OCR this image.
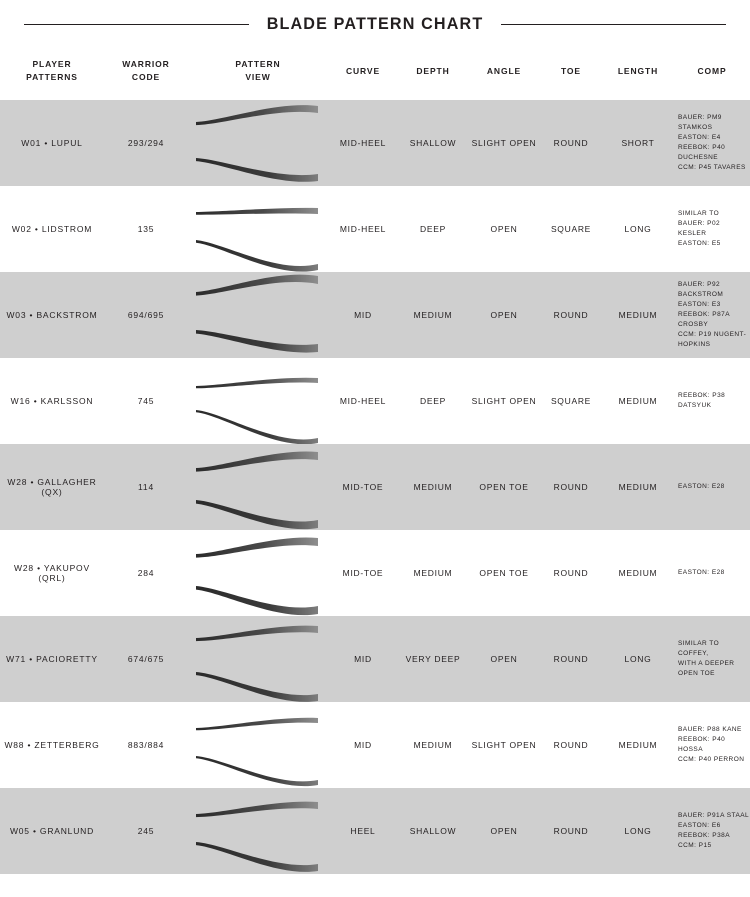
BLADE PATTERN CHART
PLAYER
PATTERNS
WARRIOR
CODE
PATTERN
VIEW
CURVE	DEPTH	ANGLE	TOE	LENGTH	COMP
W01 • LUPUL	293/294	MID-HEEL	SHALLOW	SLIGHT OPEN	ROUND	SHORT
BAUER: PM9 STAMKOS
EASTON: E4
REEBOK: P40 DUCHESNE
CCM: P45 TAVARES
W02 • LIDSTROM	135	MID-HEEL	DEEP	OPEN	SQUARE	LONG
SIMILAR TO
BAUER: P02 KESLER
EASTON: E5
W03 • BACKSTROM	694/695	MID	MEDIUM	OPEN	ROUND	MEDIUM
BAUER: P92 BACKSTROM
EASTON: E3
REEBOK: P87A CROSBY
CCM: P19 NUGENT-HOPKINS
W16 • KARLSSON	745	MID-HEEL	DEEP	SLIGHT OPEN	SQUARE	MEDIUM
REEBOK: P38 DATSYUK
W28 • GALLAGHER (QX)	114	MID-TOE	MEDIUM	OPEN TOE	ROUND	MEDIUM	EASTON: E28
W28 • YAKUPOV (QRL)	284	MID-TOE	MEDIUM	OPEN TOE	ROUND	MEDIUM	EASTON: E28
W71 • PACIORETTY	674/675	MID	VERY DEEP	OPEN	ROUND	LONG
SIMILAR TO COFFEY,
WITH A DEEPER OPEN TOE
W88 • ZETTERBERG	883/884	MID	MEDIUM	SLIGHT OPEN	ROUND	MEDIUM
BAUER: P88 KANE
REEBOK: P40 HOSSA
CCM: P40 PERRON
W05 • GRANLUND	245	HEEL	SHALLOW	OPEN	ROUND	LONG
BAUER: P91A STAAL
EASTON: E6
REEBOK: P38A
CCM: P15
